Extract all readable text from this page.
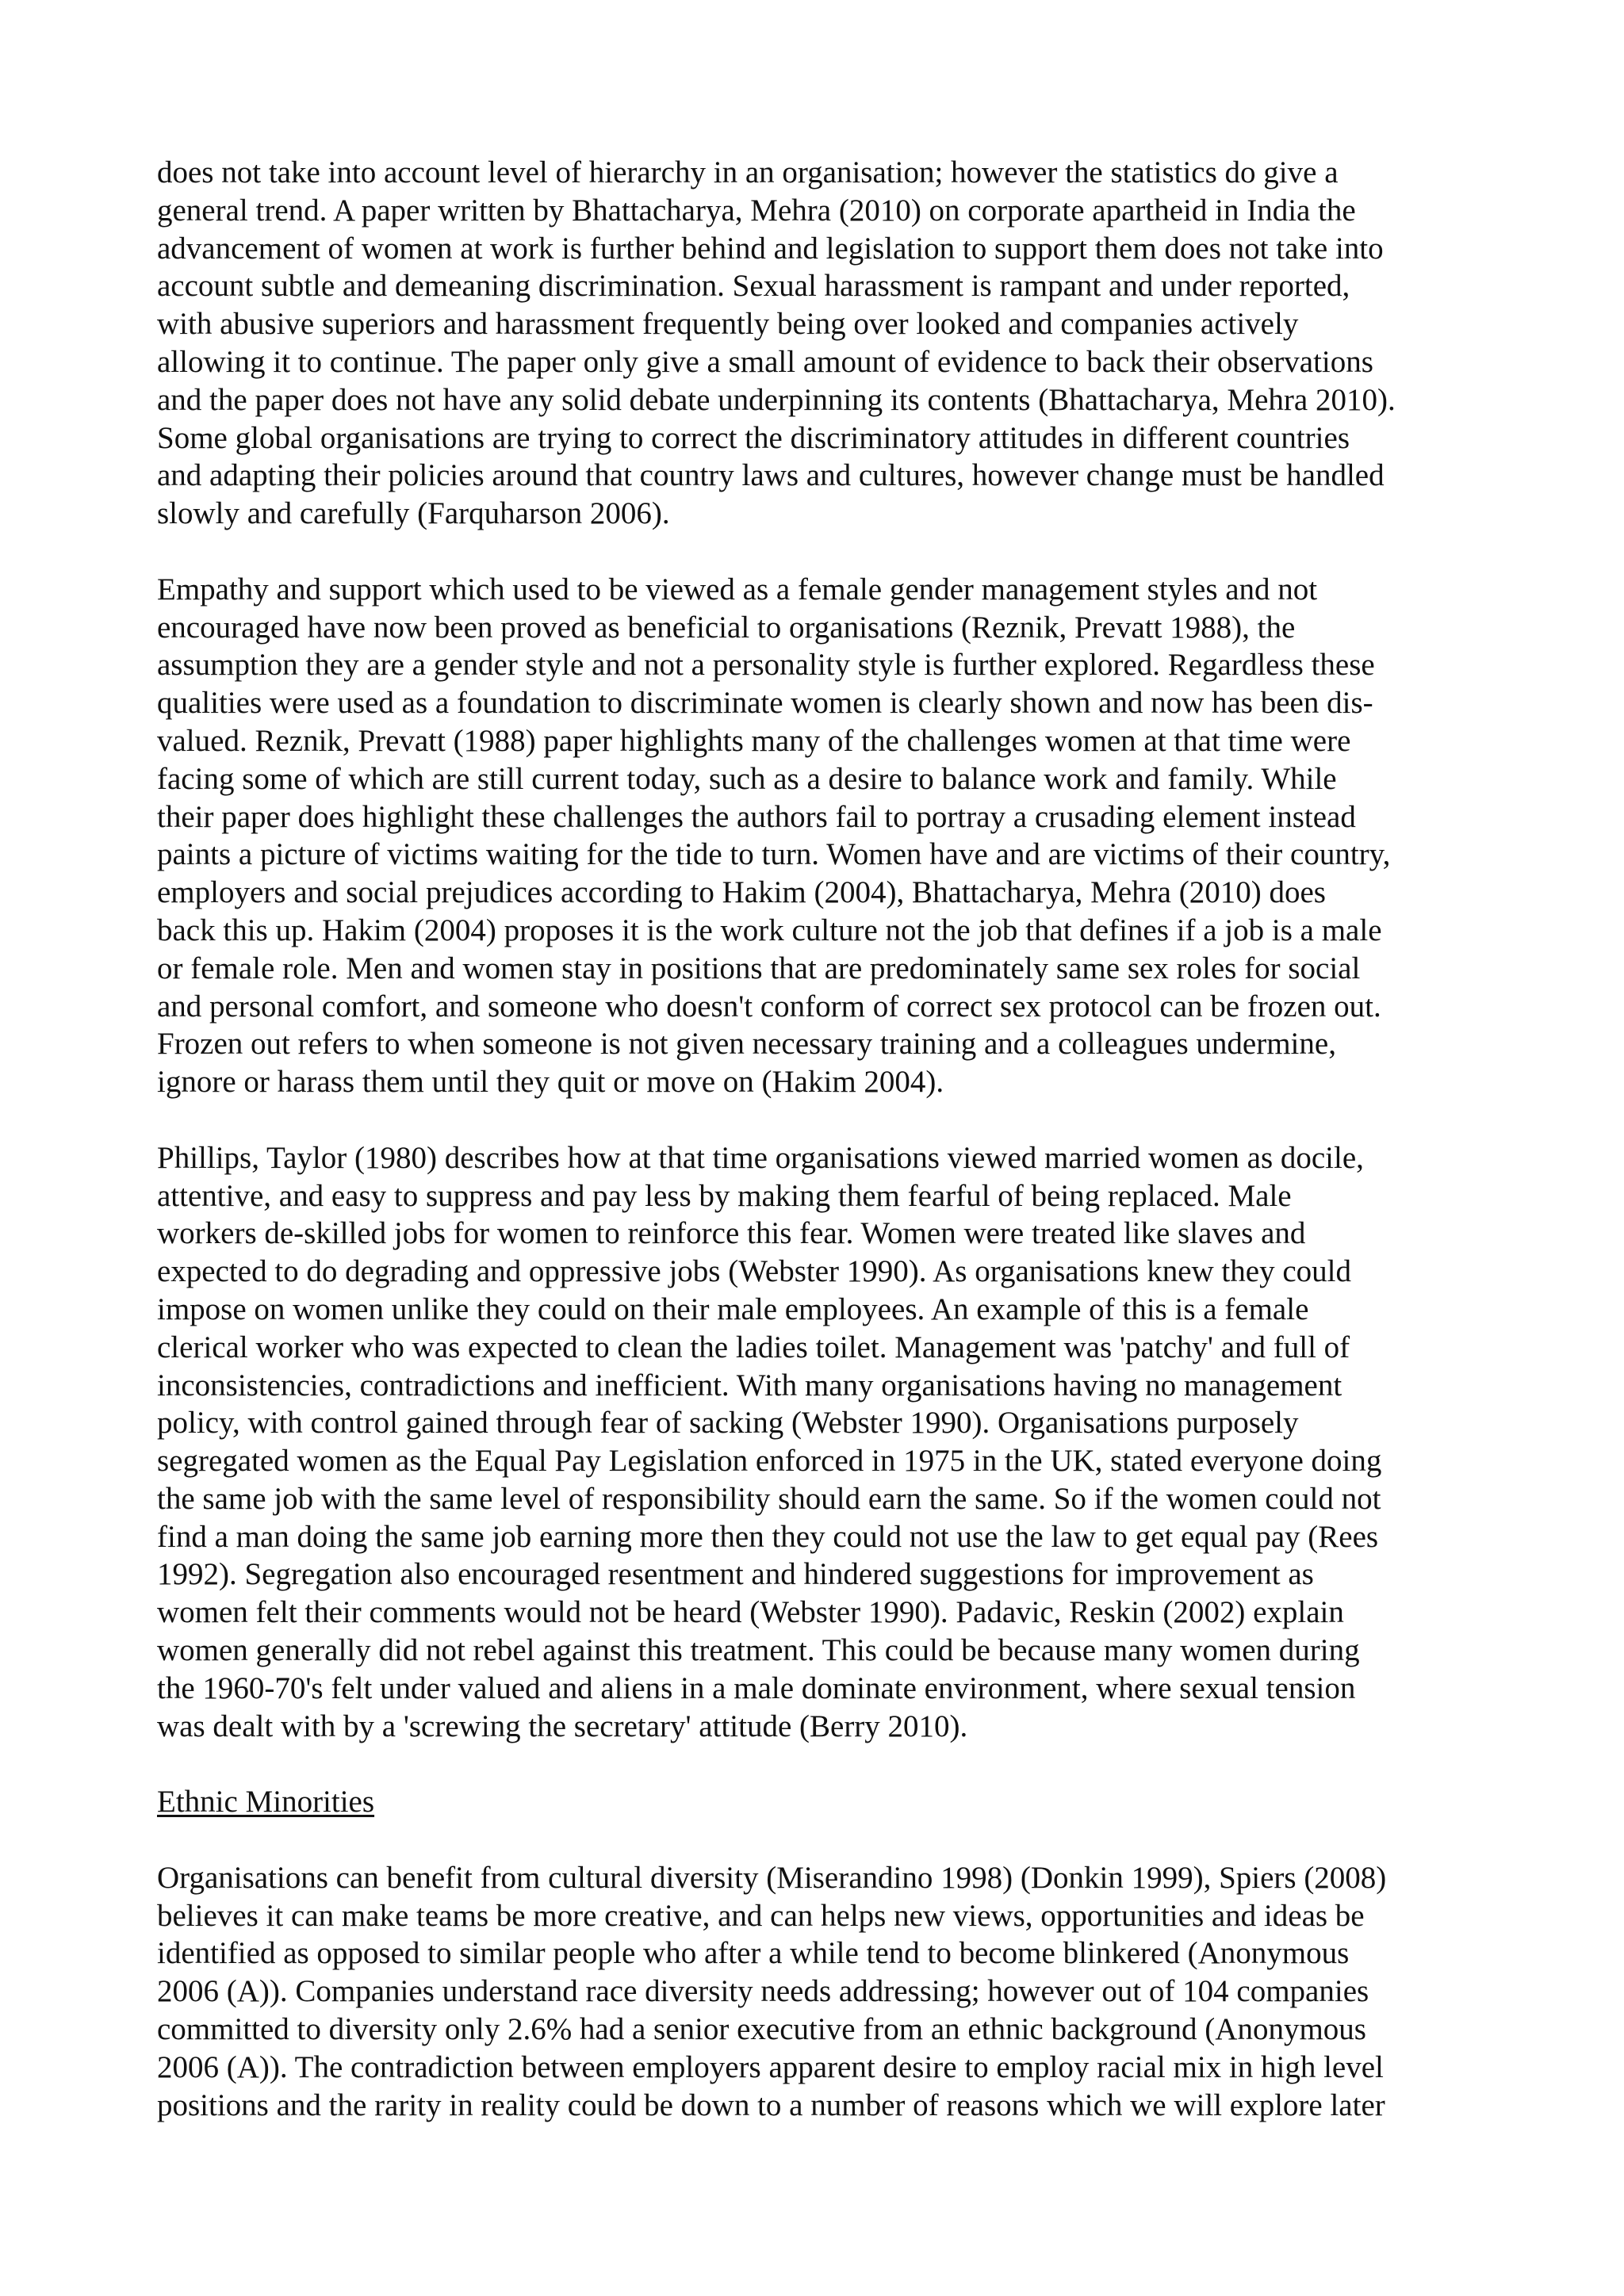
does not take into account level of hierarchy in an organisation; however the statistics do give a
general trend. A paper written by Bhattacharya, Mehra (2010) on corporate apartheid in India the
advancement of women at work is further behind and legislation to support them does not take into
account subtle and demeaning discrimination. Sexual harassment is rampant and under reported,
with abusive superiors and harassment frequently being over looked and companies actively
allowing it to continue. The paper only give a small amount of evidence to back their observations
and the paper does not have any solid debate underpinning its contents (Bhattacharya, Mehra 2010).
Some global organisations are trying to correct the discriminatory attitudes in different countries
and adapting their policies around that country laws and cultures, however change must be handled
slowly and carefully (Farquharson 2006).

Empathy and support which used to be viewed as a female gender management styles and not
encouraged have now been proved as beneficial to organisations (Reznik, Prevatt 1988), the
assumption they are a gender style and not a personality style is further explored. Regardless these
qualities were used as a foundation to discriminate women is clearly shown and now has been dis-
valued. Reznik, Prevatt (1988) paper highlights many of the challenges women at that time were
facing some of which are still current today, such as a desire to balance work and family. While
their paper does highlight these challenges the authors fail to portray a crusading element instead
paints a picture of victims waiting for the tide to turn. Women have and are victims of their country,
employers and social prejudices according to Hakim (2004), Bhattacharya, Mehra (2010) does
back this up. Hakim (2004) proposes it is the work culture not the job that defines if a job is a male
or female role. Men and women stay in positions that are predominately same sex roles for social
and personal comfort, and someone who doesn't conform of correct sex protocol can be frozen out.
Frozen out refers to when someone is not given necessary training and a colleagues undermine,
ignore or harass them until they quit or move on (Hakim 2004).

Phillips, Taylor (1980) describes how at that time organisations viewed married women as docile,
attentive, and easy to suppress and pay less by making them fearful of being replaced. Male
workers de-skilled jobs for women to reinforce this fear. Women were treated like slaves and
expected to do degrading and oppressive jobs (Webster 1990). As organisations knew they could
impose on women unlike they could on their male employees. An example of this is a female
clerical worker who was expected to clean the ladies toilet. Management was 'patchy' and full of
inconsistencies, contradictions and inefficient. With many organisations having no management
policy, with control gained through fear of sacking (Webster 1990). Organisations purposely
segregated women as the Equal Pay Legislation enforced in 1975 in the UK, stated everyone doing
the same job with the same level of responsibility should earn the same. So if the women could not
find a man doing the same job earning more then they could not use the law to get equal pay (Rees
1992). Segregation also encouraged resentment and hindered suggestions for improvement as
women felt their comments would not be heard (Webster 1990). Padavic, Reskin (2002) explain
women generally did not rebel against this treatment. This could be because many women during
the 1960-70's felt under valued and aliens in a male dominate environment, where sexual tension
was dealt with by a 'screwing the secretary' attitude (Berry 2010).

Ethnic Minorities

Organisations can benefit from cultural diversity (Miserandino 1998) (Donkin 1999), Spiers (2008)
believes it can make teams be more creative, and can helps new views, opportunities and ideas be
identified as opposed to similar people who after a while tend to become blinkered (Anonymous
2006 (A)). Companies understand race diversity needs addressing; however out of 104 companies
committed to diversity only 2.6% had a senior executive from an ethnic background (Anonymous
2006 (A)). The contradiction between employers apparent desire to employ racial mix in high level
positions and the rarity in reality could be down to a number of reasons which we will explore later
